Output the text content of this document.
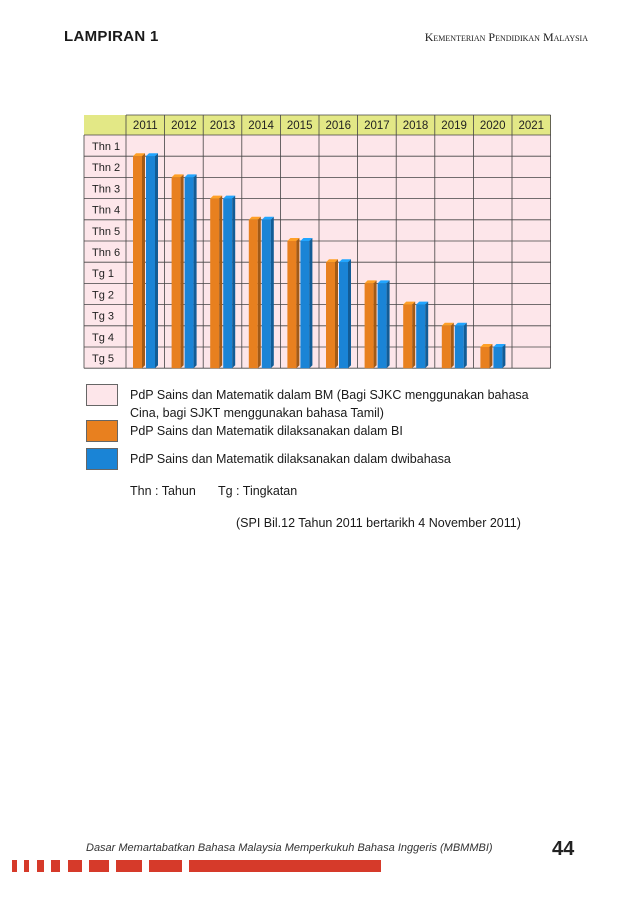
LAMPIRAN 1	Kementerian Pendidikan Malaysia
2011 2012 2013 2014 2015 2016 2017 2018 2019 2020 2021
Thn 1
Thn 2
Thn 3
Thn 4
Thn 5
Thn 6
Tg 1
Tg 2
Tg 3
Tg 4
Tg 5
PdP Sains dan Matematik dalam BM (Bagi SJKC menggunakan bahasa Cina, bagi SJKT menggunakan bahasa Tamil)
PdP Sains dan Matematik dilaksanakan dalam BI
PdP Sains dan Matematik dilaksanakan dalam dwibahasa
Thn : Tahun Tg : Tingkatan
(SPI Bil.12 Tahun 2011 bertarikh 4 November 2011)
Dasar Memartabatkan Bahasa Malaysia Memperkukuh Bahasa Inggeris (MBMMBI)	44
